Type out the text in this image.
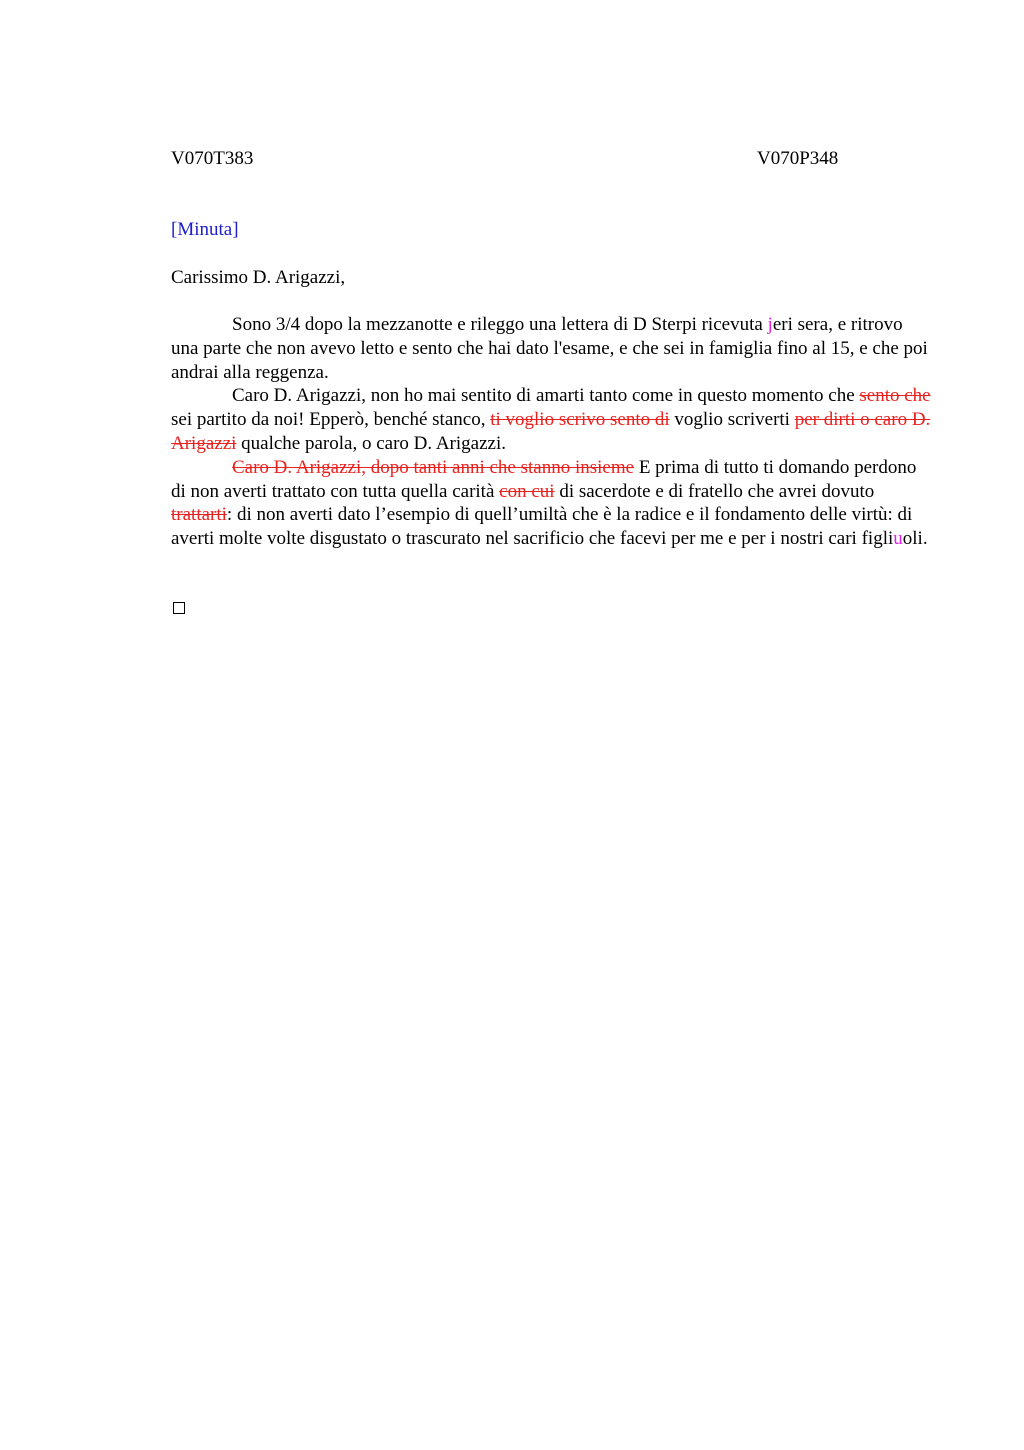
V070T383	V070P348
[Minuta]
Carissimo D. Arigazzi,

Sono 3/4 dopo la mezzanotte e rileggo una lettera di D Sterpi ricevuta jeri sera, e ritrovo una parte che non avevo letto e sento che hai dato l'esame, e che sei in famiglia fino al 15, e che poi andrai alla reggenza.

Caro D. Arigazzi, non ho mai sentito di amarti tanto come in questo momento che sento che sei partito da noi! Epperò, benché stanco, ti voglio scrivo sento di voglio scriverti per dirti o caro D. Arigazzi qualche parola, o caro D. Arigazzi.

Caro D. Arigazzi, dopo tanti anni che stanno insieme E prima di tutto ti domando perdono di non averti trattato con tutta quella carità con cui di sacerdote e di fratello che avrei dovuto trattarti: di non averti dato l’esempio di quell’umiltà che è la radice e il fondamento delle virtù: di averti molte volte disgustato o trascurato nel sacrificio che facevi per me e per i nostri cari figliuoli.
